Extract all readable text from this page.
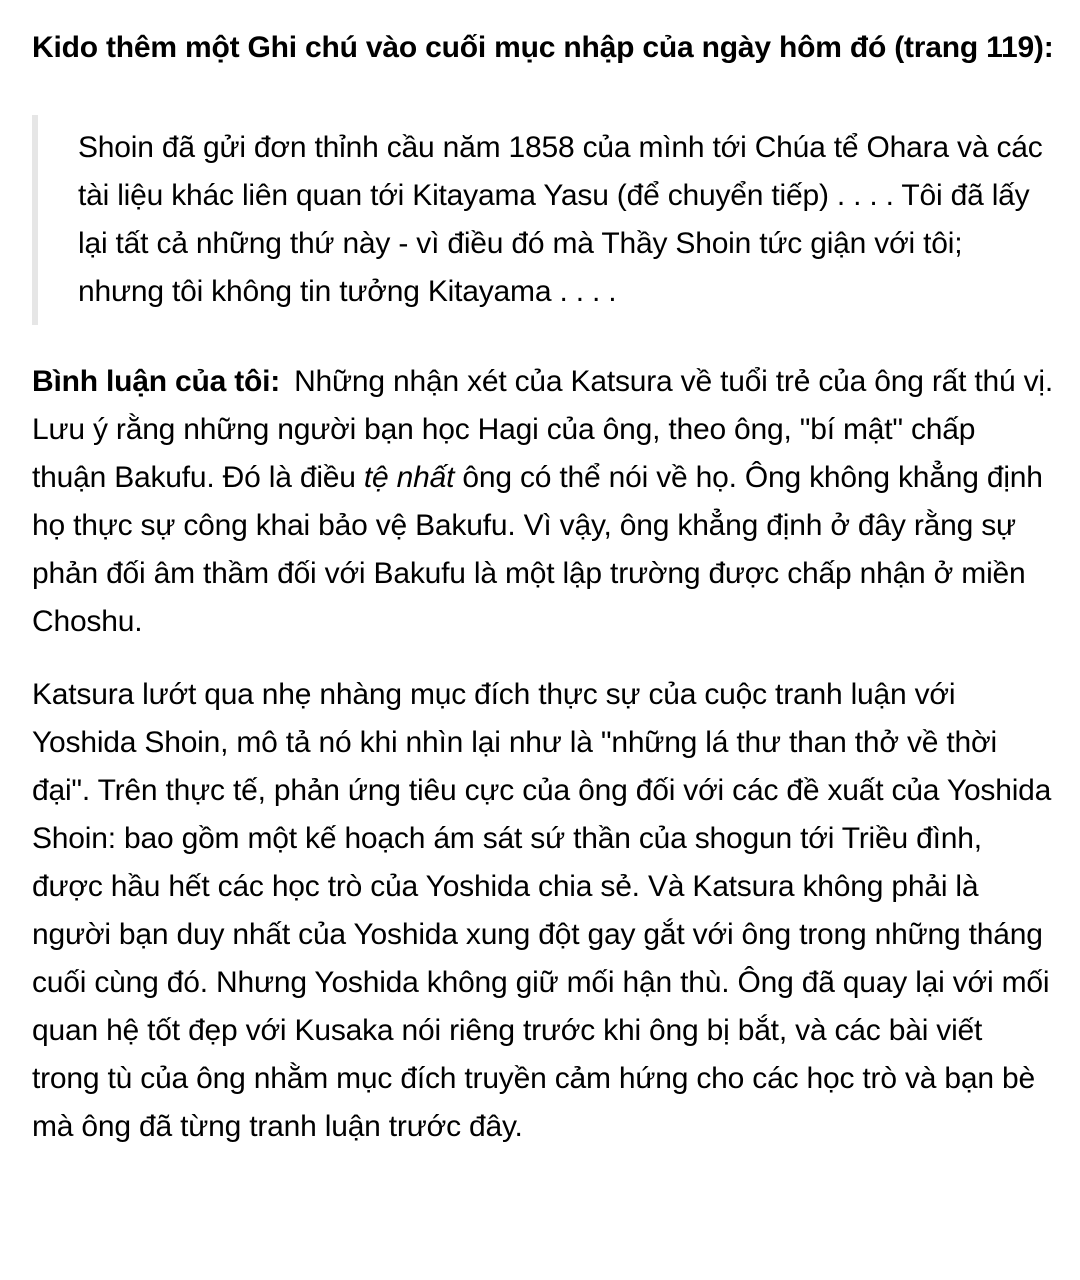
Kido thêm một Ghi chú vào cuối mục nhập của ngày hôm đó (trang 119):

Shoin đã gửi đơn thỉnh cầu năm 1858 của mình tới Chúa tể Ohara và các tài liệu khác liên quan tới Kitayama Yasu (để chuyển tiếp) . . . . Tôi đã lấy lại tất cả những thứ này - vì điều đó mà Thầy Shoin tức giận với tôi; nhưng tôi không tin tưởng Kitayama . . . .

Bình luận của tôi: Những nhận xét của Katsura về tuổi trẻ của ông rất thú vị. Lưu ý rằng những người bạn học Hagi của ông, theo ông, "bí mật" chấp thuận Bakufu. Đó là điều tệ nhất ông có thể nói về họ. Ông không khẳng định họ thực sự công khai bảo vệ Bakufu. Vì vậy, ông khẳng định ở đây rằng sự phản đối âm thầm đối với Bakufu là một lập trường được chấp nhận ở miền Choshu.

Katsura lướt qua nhẹ nhàng mục đích thực sự của cuộc tranh luận với Yoshida Shoin, mô tả nó khi nhìn lại như là "những lá thư than thở về thời đại". Trên thực tế, phản ứng tiêu cực của ông đối với các đề xuất của Yoshida Shoin: bao gồm một kế hoạch ám sát sứ thần của shogun tới Triều đình, được hầu hết các học trò của Yoshida chia sẻ. Và Katsura không phải là người bạn duy nhất của Yoshida xung đột gay gắt với ông trong những tháng cuối cùng đó. Nhưng Yoshida không giữ mối hận thù. Ông đã quay lại với mối quan hệ tốt đẹp với Kusaka nói riêng trước khi ông bị bắt, và các bài viết trong tù của ông nhằm mục đích truyền cảm hứng cho các học trò và bạn bè mà ông đã từng tranh luận trước đây.
